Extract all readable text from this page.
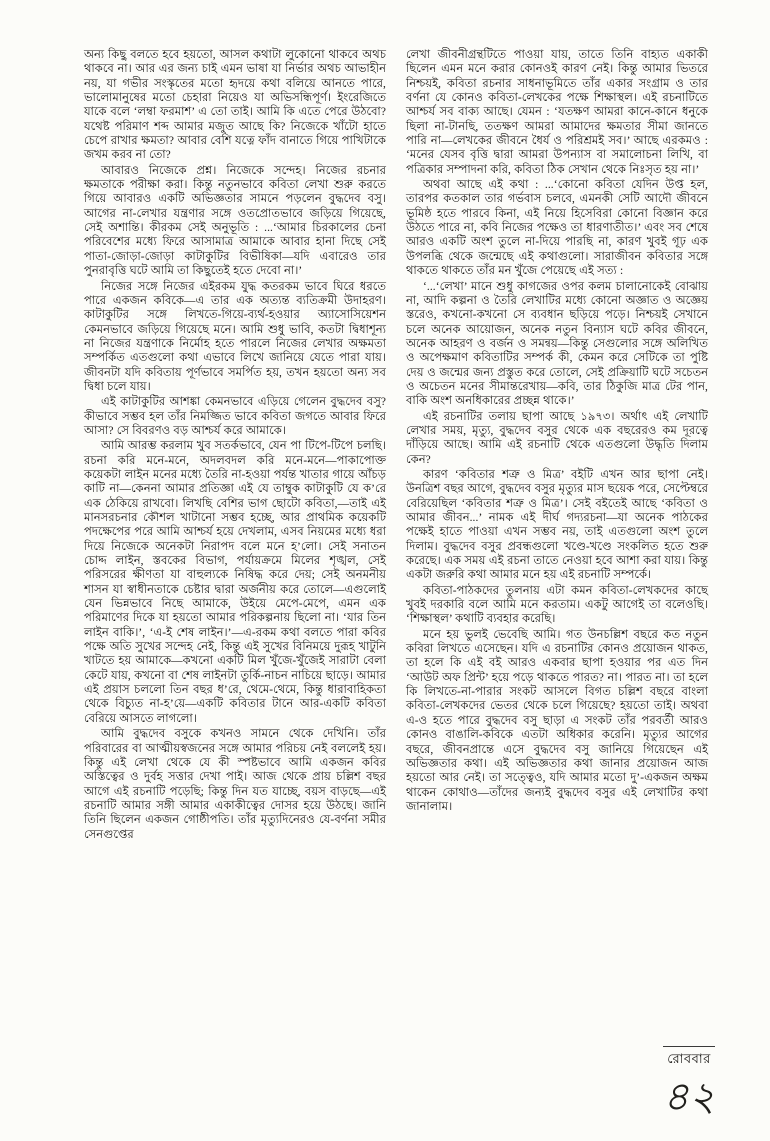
অন্য কিছু বলতে হবে হয়তো, আসল কথাটা লুকোনো থাকবে অথচ থাকবে না। আর এর জন্য চাই এমন ভাষা যা নির্ভার অথচ আভাহীন নয়, যা গভীর সংস্কৃতের মতো হৃদয়ে কথা বলিয়ে আনতে পারে, ভালোমানুষের মতো চেহারা নিয়েও যা অভিসন্ধিপূর্ণ। ইংরেজিতে যাকে বলে ‘লম্বা ফরমাশ’ এ তো তাই। আমি কি এতে পেরে উঠবো? যথেষ্ট পরিমাণ শব্দ আমার মজুত আছে কি? নিজেকে খাঁটো হাতে চেপে রাখার ক্ষমতা? আবার বেশি যত্নে ফাঁদ বানাতে গিয়ে পাখিটাকে জখম করব না তো?

আবারও নিজেকে প্রশ্ন। নিজেকে সন্দেহ। নিজের রচনার ক্ষমতাকে পরীক্ষা করা। কিন্তু নতুনভাবে কবিতা লেখা শুরু করতে গিয়ে আবারও একটি অভিজ্ঞতার সামনে পড়লেন বুদ্ধদেব বসু। আগের না-লেখার যন্ত্রণার সঙ্গে ওতপ্রোতভাবে জড়িয়ে গিয়েছে, সেই অশান্তি। কীরকম সেই অনুভূতি : ...‘আমার চিরকালের চেনা পরিবেশের মধ্যে ফিরে আসামাত্র আমাকে আবার হানা দিছে সেই পাতা-জোড়া-জোড়া কাটাকুটির বিভীষিকা—যদি এবারেও তার পুনরাবৃত্তি ঘটে আমি তা কিছুতেই হতে দেবো না।’

নিজের সঙ্গে নিজের এইরকম যুদ্ধ কতরকম ভাবে ঘিরে ধরতে পারে একজন কবিকে—এ তার এক অত্যন্ত ব্যতিক্রমী উদাহরণ। কাটাকুটির সঙ্গে লিখতে-গিয়ে-ব্যর্থ-হওয়ার অ্যাসোসিয়েশন কেমনভাবে জড়িয়ে গিয়েছে মনে। আমি শুধু ভাবি, কতটা দ্বিধাশূন্য না নিজের যন্ত্রণাকে নির্মোহ হতে পারলে নিজের লেখার অক্ষমতা সম্পর্কিত এতগুলো কথা এভাবে লিখে জানিয়ে যেতে পারা যায়। জীবনটা যদি কবিতায় পূর্ণভাবে সমর্পিত হয়, তখন হয়তো অন্য সব দ্বিধা চলে যায়।

এই কাটাকুটির আশঙ্কা কেমনভাবে এড়িয়ে গেলেন বুদ্ধদেব বসু? কীভাবে সম্ভব হল তাঁর নিমজ্জিত ভাবে কবিতা জগতে আবার ফিরে আসা? সে বিবরণও বড় আশ্চর্য করে আমাকে।

আমি আরম্ভ করলাম খুব সতর্কভাবে, যেন পা টিপে-টিপে চলছি। রচনা করি মনে-মনে, অদলবদল করি মনে-মনে—পাকাপোক্ত কয়েকটা লাইন মনের মধ্যে তৈরি না-হওয়া পর্যন্ত খাতার গায়ে আঁচড় কাটি না—কেননা আমার প্রতিজ্ঞা এই যে তাম্বুক কাটাকুটি যে ক’রে এক ঠেকিয়ে রাখবো। লিখছি বেশির ভাগ ছোটো কবিতা,—তাই এই মানসরচনার কৌশল খাটানো সম্ভব হচ্ছে, আর প্রাথমিক কয়েকটি পদক্ষেপের পরে আমি আশ্চর্য হয়ে দেখলাম, এসব নিয়মের মধ্যে ধরা দিয়ে নিজেকে অনেকটা নিরাপদ বলে মনে হ’লো। সেই সনাতন চোদ্দ লাইন, স্তবকের বিভাগ, পর্যায়ক্রমে মিলের শৃঙ্খল, সেই পরিসরের ক্ষীণতা যা বাহুল্যকে নিষিদ্ধ করে দেয়; সেই অনমনীয় শাসন যা স্বাধীনতাকে চেষ্টার দ্বারা অর্জনীয় করে তোলে—এগুলোই যেন ভিন্নভাবে নিছে আমাকে, উইয়ে মেপে-মেপে, এমন এক পরিমাণের দিকে যা হয়তো আমার পরিকল্পনায় ছিলো না। ‘যার তিন লাইন বাকি।’, ‘এ-ই শেষ লাইন।’—এ-রকম কথা বলতে পারা কবির পক্ষে অতি সুখের সন্দেহ নেই, কিন্তু এই সুখের বিনিময়ে দুরূহ খাটুনি খাটতে হয় আমাকে—কখনো একটি মিল খুঁজে-খুঁজেই সারাটা বেলা কেটে যায়, কখনো বা শেষ লাইনটা তুর্কি-নাচন নাচিয়ে ছাড়ে। আমার এই প্রয়াস চললো তিন বছর ধ’রে, থেমে-থেমে, কিন্তু ধারাবাহিকতা থেকে বিচ্যুত না-হ’য়ে—একটি কবিতার টানে আর-একটি কবিতা বেরিয়ে আসতে লাগলো।

আমি বুদ্ধদেব বসুকে কখনও সামনে থেকে দেখিনি। তাঁর পরিবারের বা আত্মীয়স্বজনের সঙ্গে আমার পরিচয় নেই বললেই হয়। কিন্তু এই লেখা থেকে যে কী স্পষ্টভাবে আমি একজন কবির অস্তিত্বের ও দুর্বহ সত্তার দেখা পাই। আজ থেকে প্রায় চল্লিশ বছর আগে এই রচনাটি পড়েছি; কিন্তু দিন যত যাচ্ছে, বয়স বাড়ছে—এই রচনাটি আমার সঙ্গী আমার একাকীত্বের দোসর হয়ে উঠছে। জানি তিনি ছিলেন একজন গোষ্ঠীপতি। তাঁর মৃত্যুদিনেরও যে-বর্ণনা সমীর সেনগুপ্তের

লেখা জীবনীগ্রন্থটিতে পাওয়া যায়, তাতে তিনি বাহ্যত একাকী ছিলেন এমন মনে করার কোনওই কারণ নেই। কিন্তু আমার ভিতরে নিশ্চয়ই, কবিতা রচনার সাধনাভূমিতে তাঁর একার সংগ্রাম ও তার বর্ণনা যে কোনও কবিতা-লেখকের পক্ষে শিক্ষাস্থল। এই রচনাটিতে আশ্চর্য সব বাক্য আছে। যেমন : ‘যতক্ষণ আমরা কানে-কানে ধনুকে ছিলা না-টানছি, ততক্ষণ আমরা আমাদের ক্ষমতার সীমা জানতে পারি না—লেখকের জীবনে ধৈর্য ও পরিশ্রমই সব।’ আছে এরকমও : ‘মনের যেসব বৃত্তি দ্বারা আমরা উপন্যাস বা সমালোচনা লিখি, বা পত্রিকার সম্পাদনা করি, কবিতা ঠিক সেখান থেকে নিঃসৃত হয় না।’

অথবা আছে এই কথা : ...‘কোনো কবিতা যেদিন উপ্ত হল, তারপর কতকাল তার গর্ভবাস চলবে, এমনকী সেটি আদৌ জীবনে ভূমিষ্ঠ হতে পারবে কিনা, এই নিয়ে হিসেবিরা কোনো বিজ্ঞান করে উঠতে পারে না, কবি নিজের পক্ষেও তা ধারণাতীত।’ এবং সব শেষে আরও একটি অংশ তুলে না-দিয়ে পারছি না, কারণ খুবই গূঢ় এক উপলব্ধি থেকে জন্মেছে এই কথাগুলো। সারাজীবন কবিতার সঙ্গে থাকতে থাকতে তাঁর মন খুঁজে পেয়েছে এই সত্য :

‘...‘লেখা’ মানে শুধু কাগজের ওপর কলম চালানোকেই বোঝায় না, আদি কল্পনা ও তৈরি লেখাটির মধ্যে কোনো অজ্ঞাত ও অজ্ঞেয় স্তরেও, কখনো-কখনো সে ব্যবধান ছড়িয়ে পড়ে। নিশ্চয়ই সেখানে চলে অনেক আয়োজন, অনেক নতুন বিন্যাস ঘটে কবির জীবনে, অনেক আহরণ ও বর্জন ও সমন্বয়—কিন্তু সেগুলোর সঙ্গে অলিখিত ও অপেক্ষমাণ কবিতাটির সম্পর্ক কী, কেমন করে সেটিকে তা পুষ্টি দেয় ও জন্মের জন্য প্রস্তুত করে তোলে, সেই প্রক্রিয়াটি ঘটে সচেতন ও অচেতন মনের সীমান্তরেখায়—কবি, তার ঠিকুজি মাত্র টের পান, বাকি অংশ অনধিকারের প্রচ্ছন্ন থাকে।’

এই রচনাটির তলায় ছাপা আছে ১৯৭৩। অর্থাৎ এই লেখাটি লেখার সময়, মৃত্যু, বুদ্ধদেব বসুর থেকে এক বছরেরও কম দূরত্বে দাঁড়িয়ে আছে। আমি এই রচনাটি থেকে এতগুলো উদ্ধৃতি দিলাম কেন?

কারণ ‘কবিতার শত্রু ও মিত্র’ বইটি এখন আর ছাপা নেই। উনত্রিশ বছর আগে, বুদ্ধদেব বসুর মৃত্যুর মাস ছয়েক পরে, সেপ্টেম্বরে বেরিয়েছিল ‘কবিতার শত্রু ও মিত্র’। সেই বইতেই আছে ‘কবিতা ও আমার জীবন...’ নামক এই দীর্ঘ গদ্যরচনা—যা অনেক পাঠকের পক্ষেই হাতে পাওয়া এখন সম্ভব নয়, তাই এতগুলো অংশ তুলে দিলাম। বুদ্ধদেব বসুর প্রবন্ধগুলো খণ্ডে-খণ্ডে সংকলিত হতে শুরু করেছে। এক সময় এই রচনা তাতে নেওয়া হবে আশা করা যায়। কিন্তু একটা জরুরি কথা আমার মনে হয় এই রচনাটি সম্পর্কে।

কবিতা-পাঠকদের তুলনায় এটা কমন কবিতা-লেখকদের কাছে খুবই দরকারি বলে আমি মনে করতাম। একটু আগেই তা বলেওছি। ‘শিক্ষাস্থল’ কথাটি ব্যবহার করেছি।

মনে হয় ভুলই ভেবেছি আমি। গত উনচল্লিশ বছরে কত নতুন কবিরা লিখতে এসেছেন। যদি এ রচনাটির কোনও প্রয়োজন থাকত, তা হলে কি এই বই আরও একবার ছাপা হওয়ার পর এত দিন ‘আউট অফ প্রিন্ট’ হয়ে পড়ে থাকতে পারত? না। পারত না। তা হলে কি লিখতে-না-পারার সংকট আসলে বিগত চল্লিশ বছরে বাংলা কবিতা-লেখকদের ভেতর থেকে চলে গিয়েছে? হয়তো তাই। অথবা এ-ও হতে পারে বুদ্ধদেব বসু ছাড়া এ সংকট তাঁর পরবর্তী আরও কোনও বাঙালি-কবিকে এতটা অধিকার করেনি। মৃত্যুর আগের বছরে, জীবনপ্রান্তে এসে বুদ্ধদেব বসু জানিয়ে গিয়েছেন এই অভিজ্ঞতার কথা। এই অভিজ্ঞতার কথা জানার প্রয়োজন আজ হয়তো আর নেই। তা সত্ত্বেও, যদি আমার মতো দু’-একজন অক্ষম থাকেন কোথাও—তাঁদের জন্যই বুদ্ধদেব বসুর এই লেখাটির কথা জানালাম।

রোববার
৪২
